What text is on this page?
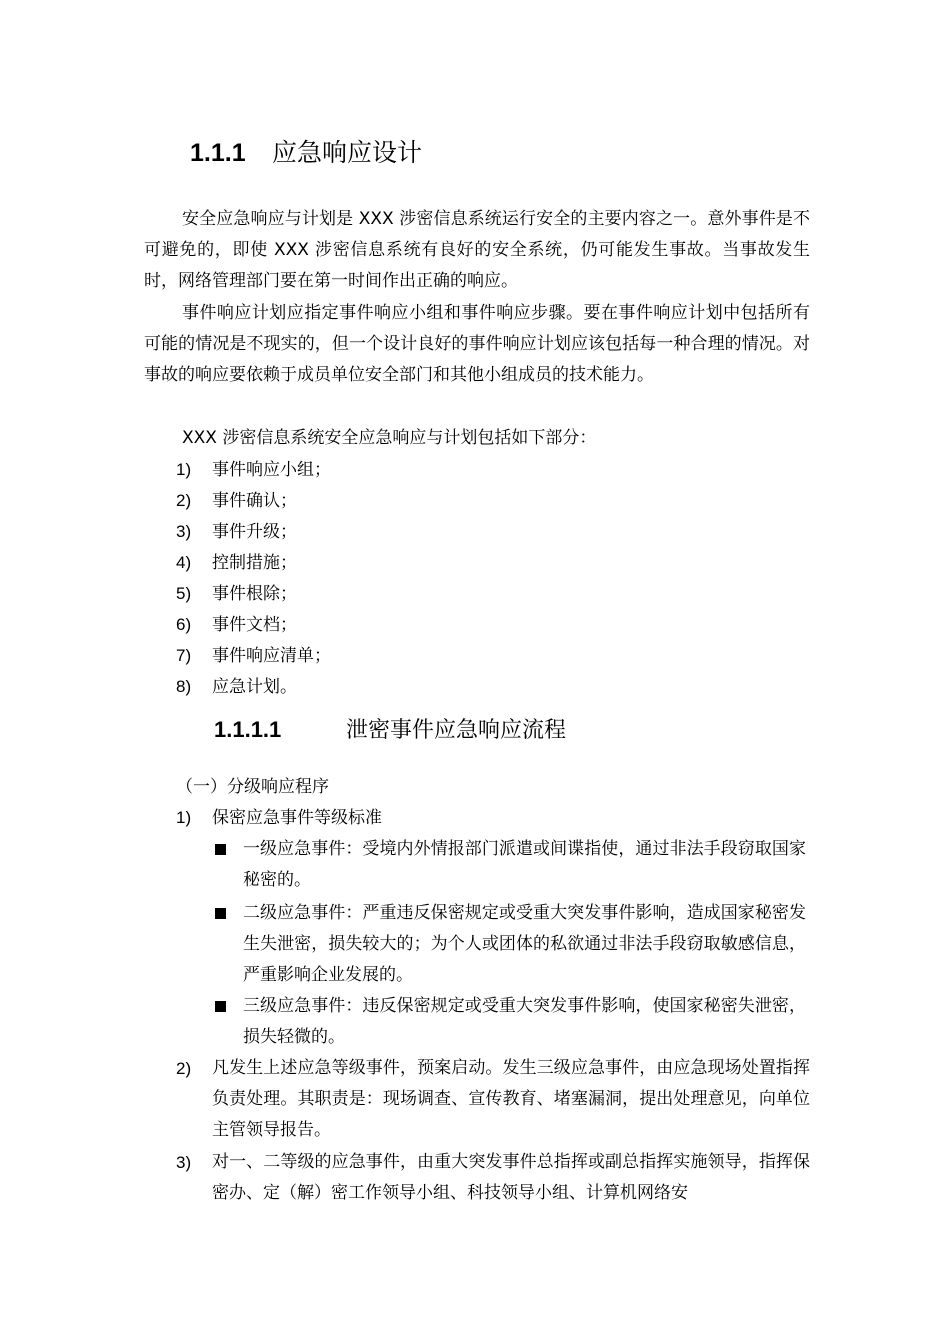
1.1.1 应急响应设计
安全应急响应与计划是 XXX 涉密信息系统运行安全的主要内容之一。意外事件是不可避免的，即使 XXX 涉密信息系统有良好的安全系统，仍可能发生事故。当事故发生时，网络管理部门要在第一时间作出正确的响应。
事件响应计划应指定事件响应小组和事件响应步骤。要在事件响应计划中包括所有可能的情况是不现实的，但一个设计良好的事件响应计划应该包括每一种合理的情况。对事故的响应要依赖于成员单位安全部门和其他小组成员的技术能力。
XXX 涉密信息系统安全应急响应与计划包括如下部分：
1) 事件响应小组；
2) 事件确认；
3) 事件升级；
4) 控制措施；
5) 事件根除；
6) 事件文档；
7) 事件响应清单；
8) 应急计划。
1.1.1.1	泄密事件应急响应流程
（一）分级响应程序
1) 保密应急事件等级标准
一级应急事件：受境内外情报部门派遣或间谍指使，通过非法手段窃取国家秘密的。
二级应急事件：严重违反保密规定或受重大突发事件影响，造成国家秘密发生失泄密，损失较大的；为个人或团体的私欲通过非法手段窃取敏感信息，严重影响企业发展的。
三级应急事件：违反保密规定或受重大突发事件影响，使国家秘密失泄密，损失轻微的。
2) 凡发生上述应急等级事件，预案启动。发生三级应急事件，由应急现场处置指挥负责处理。其职责是：现场调查、宣传教育、堵塞漏洞，提出处理意见，向单位主管领导报告。
3) 对一、二等级的应急事件，由重大突发事件总指挥或副总指挥实施领导，指挥保密办、定（解）密工作领导小组、科技领导小组、计算机网络安
